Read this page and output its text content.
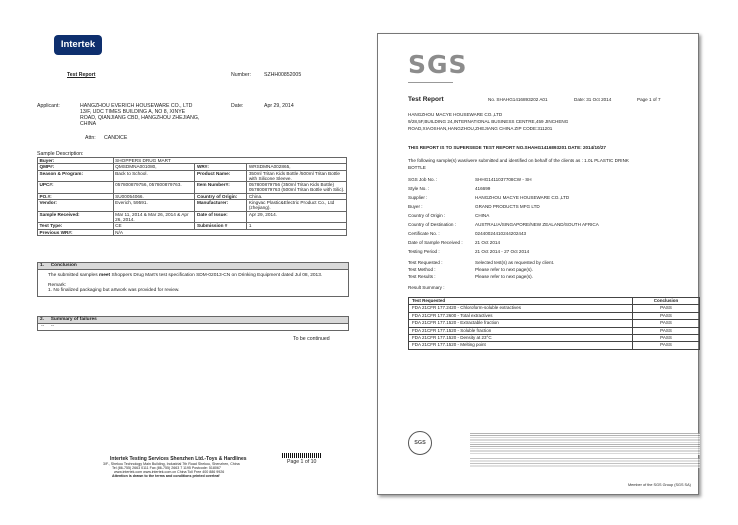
Intertek
Test Report	Number:	SZHH00852005
Applicant:	HANGZHOU EVERICH HOUSEWARE CO., LTD
13/F, UDC TIMES BUILDING A, NO 8, XINYE
ROAD, QIANJIANG CBD, HANGZHOU ZHEJIANG,
CHINA
Date:	Apr 29, 2014
Attn: CANDICE
Sample Description:
Buyer:	SHOPPERS DRUG MART		
QMP#:	QMSDMNA001080,	WR#:	WRSDMNA002865,
Season & Program:	Back to School.	Product Name:	350ml Tritan Kids Bottle /500ml Tritan Bottle with Silicone Sleeve.
UPC#:	057800879756, 057800879763.	Item Number#:	057800879756 (350ml Tritan Kids Bottle) 057800879763 (500ml Tritan Bottle with Silic).
PO.#:	SU00054066.	Country of Origin:	China.
Vendor:	Everich, 59591.	Manufacturer:	Kingvac Plastic&Electric Product Co., Ltd (zhejiang).
Sample Received:	Mar 11, 2014 & Mar 26, 2014 & Apr 26, 2014.	Date of Issue:	Apr 29, 2014.
Test Type:	CE	Submission #	1
Previous WR#:	N/A		
1. Conclusion
The submitted samples meet Shoppers Drug Mart's test specification SDM-02013-CN on Drinking Equipment dated Jul 08, 2013.
Remark:
1. No finalized packaging but artwork was provided for review.
2. Summary of failures
-- --
To be continued
Intertek Testing Services Shenzhen Ltd.-Toys & Hardlines
3/F., Shekou Technology Main Building, Industrial 7th Road Shekou, Shenzhen, China
Tel (86-755) 2663 0111 Fax (86-755) 2663 7 1195 Postcode: 518067
www.intertek.com www.intertek.com.cn China Toll Free 400 886 9926
Attention is drawn to the terms and conditions printed overleaf
Page 1 of 10
SGS
Test Report	No. SHAHG1416893202 A01	Date: 31 Oct 2014	Page 1 of 7
HANGZHOU MACYE HOUSEWARE CO.,LTD
9/28,5F,BUILDING 24,INTERNATIONAL BUSINESS CENTRE,459 JINCHENG
ROAD,XIAOSHAN,HANGZHOU,ZHEJIANG CHINA ZIP CODE:311201
THIS REPORT IS TO SUPERSEDE TEST REPORT NO.SHAHG1416893201 DATE: 2014/10/27
The following sample(s) was/were submitted and identified on behalf of the clients as : 1.0L PLASTIC DRINK
BOTTLE
SGS Job No. :	SHHG1411037708CW - SH
Style No. :	416699
Supplier :	HANGZHOU MACYE HOUSEWARE CO.,LTD
Buyer :	GRAND PRODUCTS MFG LTD
Country of Origin :	CHINA
Country of Destination :	AUSTRALIA/SINGAPORE/NEW ZEALAND/SOUTH AFRICA
Certificate No. :	02440024410244202443
Date of Sample Received :	21 Oct 2014
Testing Period :	21 Oct 2014 - 27 Oct 2014
Test Requested :	Selected test(s) as requested by client.
Test Method :	Please refer to next page(s).
Test Results :	Please refer to next page(s).
Result Summary :
Test Requested	Conclusion
FDA 21CFR 177.2420 - Chloroform-soluble extractives	PASS
FDA 21CFR 177.2600 - Total extractives	PASS
FDA 21CFR 177.1520 - Extractable fraction	PASS
FDA 21CFR 177.1520 - Soluble fraction	PASS
FDA 21CFR 177.1520 - Density at 23°C	PASS
FDA 21CFR 177.1520 - Melting point	PASS
SGS
Member of the SGS Group (SGS SA)
